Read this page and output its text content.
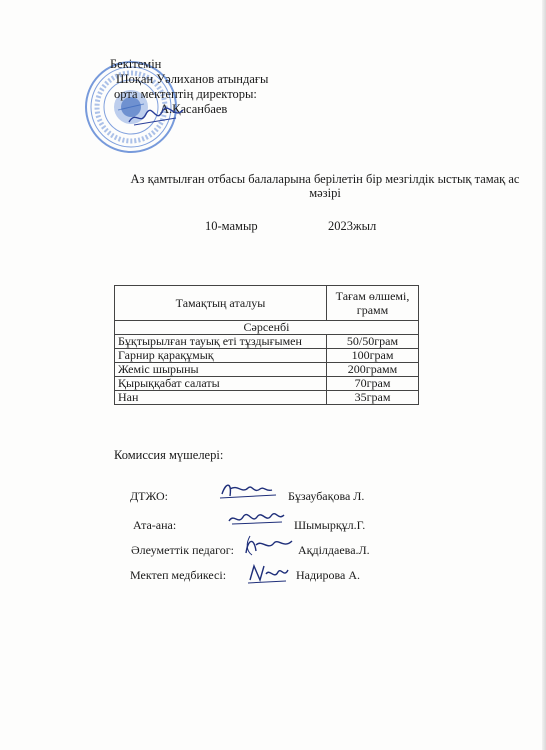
Бекітемін
Шоқан Уәлиханов атындағы
орта мектептің директоры:
А.Қасанбаев
Аз қамтылған отбасы балаларына берілетін бір мезгілдік ыстық тамақ ас мәзірі
10-мамыр	2023жыл
Тамақтың аталуы	Тағам өлшемі, грамм
Сәрсенбі	
Бұқтырылған тауық еті тұздығымен	50/50грам
Гарнир қарақұмық	100грам
Жеміс шырыны	200грамм
Қырыққабат салаты	70грам
Нан	35грам
Комиссия мүшелері:
ДТЖО:	Бұзаубақова Л.
Ата-ана:	Шымырқұл.Г.
Әлеуметтік педагог:	Ақділдаева.Л.
Мектеп медбикесі:	Надирова А.
